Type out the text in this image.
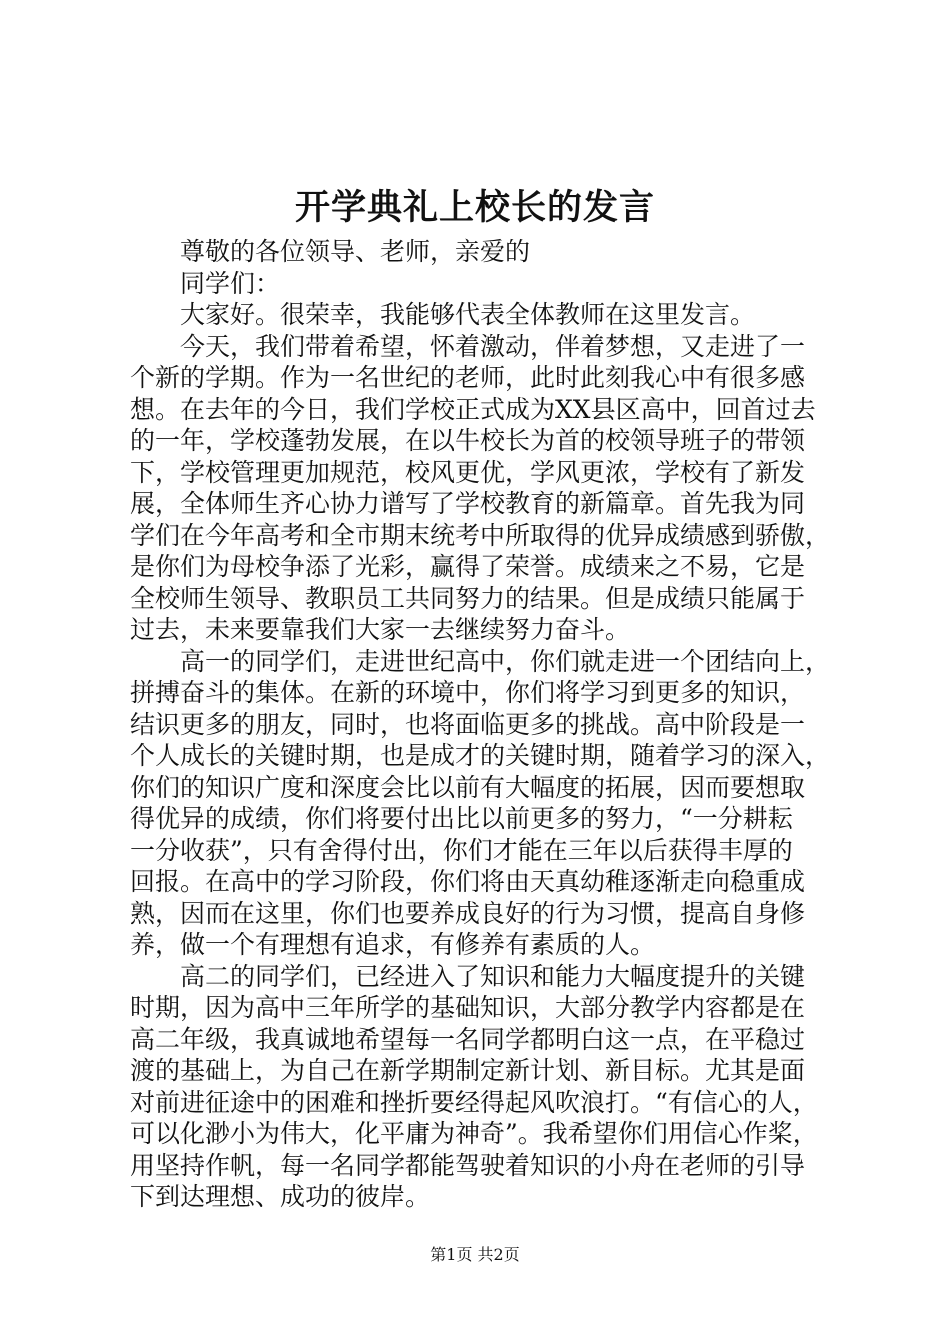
开学典礼上校长的发言
尊敬的各位领导、老师，亲爱的
同学们：
大家好。很荣幸，我能够代表全体教师在这里发言。
今天，我们带着希望，怀着激动，伴着梦想，又走进了一
个新的学期。作为一名世纪的老师，此时此刻我心中有很多感
想。在去年的今日，我们学校正式成为XX县区高中，回首过去
的一年，学校蓬勃发展，在以牛校长为首的校领导班子的带领
下，学校管理更加规范，校风更优，学风更浓，学校有了新发
展，全体师生齐心协力谱写了学校教育的新篇章。首先我为同
学们在今年高考和全市期末统考中所取得的优异成绩感到骄傲，
是你们为母校争添了光彩，赢得了荣誉。成绩来之不易，它是
全校师生领导、教职员工共同努力的结果。但是成绩只能属于
过去，未来要靠我们大家一去继续努力奋斗。
高一的同学们，走进世纪高中，你们就走进一个团结向上，
拼搏奋斗的集体。在新的环境中，你们将学习到更多的知识，
结识更多的朋友，同时，也将面临更多的挑战。高中阶段是一
个人成长的关键时期，也是成才的关键时期，随着学习的深入，
你们的知识广度和深度会比以前有大幅度的拓展，因而要想取
得优异的成绩，你们将要付出比以前更多的努力，“一分耕耘
一分收获”，只有舍得付出，你们才能在三年以后获得丰厚的
回报。在高中的学习阶段，你们将由天真幼稚逐渐走向稳重成
熟，因而在这里，你们也要养成良好的行为习惯，提高自身修
养，做一个有理想有追求，有修养有素质的人。
高二的同学们，已经进入了知识和能力大幅度提升的关键
时期，因为高中三年所学的基础知识，大部分教学内容都是在
高二年级，我真诚地希望每一名同学都明白这一点，在平稳过
渡的基础上，为自己在新学期制定新计划、新目标。尤其是面
对前进征途中的困难和挫折要经得起风吹浪打。“有信心的人，
可以化渺小为伟大，化平庸为神奇”。我希望你们用信心作桨，
用坚持作帆，每一名同学都能驾驶着知识的小舟在老师的引导
下到达理想、成功的彼岸。
第1页 共2页
